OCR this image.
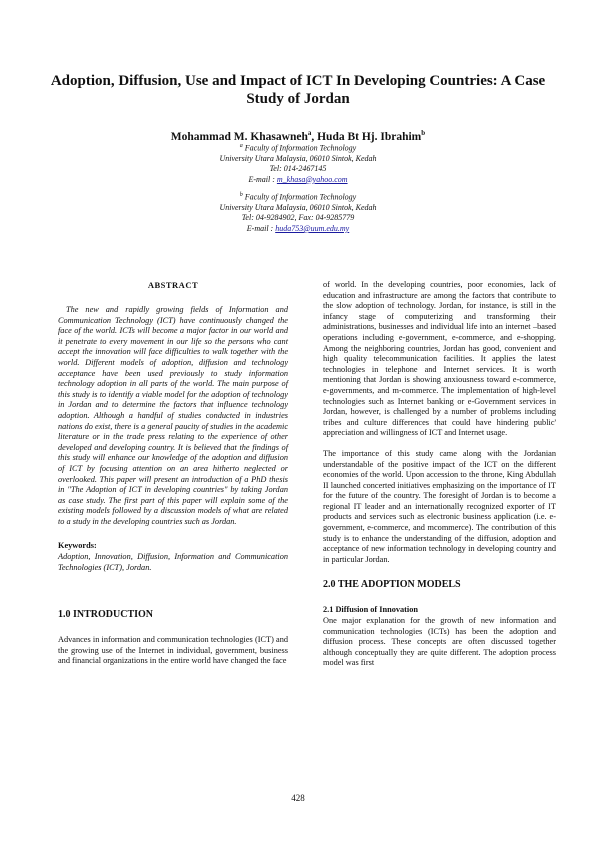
Adoption, Diffusion, Use and Impact of ICT In Developing Countries: A Case Study of Jordan
Mohammad M. Khasawneh$^a$, Huda Bt Hj. Ibrahim$^b$
$^a$ Faculty of Information Technology
University Utara Malaysia, 06010 Sintok, Kedah
Tel: 014-2467145
E-mail : m_khasa@yahoo.com
$^b$ Faculty of Information Technology
University Utara Malaysia, 06010 Sintok, Kedah
Tel: 04-9284902, Fax: 04-9285779
E-mail : huda753@uum.edu.my
ABSTRACT

The new and rapidly growing fields of Information and Communication Technology (ICT) have continuously changed the face of the world. ICTs will become a major factor in our world and it penetrate to every movement in our life so the persons who cant accept the innovation will face difficulties to walk together with the world. Different models of adoption, diffusion and technology acceptance have been used previously to study information technology adoption in all parts of the world. The main purpose of this study is to identify a viable model for the adoption of technology in Jordan and to determine the factors that influence technology adoption. Although a handful of studies conducted in industries nations do exist, there is a general paucity of studies in the academic literature or in the trade press relating to the experience of other developed and developing country. It is believed that the findings of this study will enhance our knowledge of the adoption and diffusion of ICT by focusing attention on an area hitherto neglected or overlooked. This paper will present an introduction of a PhD thesis in "The Adoption of ICT in developing countries" by taking Jordan as case study. The first part of this paper will explain some of the existing models followed by a discussion models of what are related to a study in the developing countries such as Jordan.

Keywords:

Adoption, Innovation, Diffusion, Information and Communication Technologies (ICT), Jordan.

1.0 INTRODUCTION

Advances in information and communication technologies (ICT) and the growing use of the Internet in individual, government, business and financial organizations in the entire world have changed the face

of world. In the developing countries, poor economies, lack of education and infrastructure are among the factors that contribute to the slow adoption of technology. Jordan, for instance, is still in the infancy stage of computerizing and transforming their administrations, businesses and individual life into an internet –based operations including e-government, e-commerce, and e-shopping. Among the neighboring countries, Jordan has good, convenient and high quality telecommunication facilities. It applies the latest technologies in telephone and Internet services. It is worth mentioning that Jordan is showing anxiousness toward e-commerce, e-governments, and m-commerce. The implementation of high-level technologies such as Internet banking or e-Government services in Jordan, however, is challenged by a number of problems including tribes and culture differences that could have hindering public' appreciation and willingness of ICT and Internet usage.

The importance of this study came along with the Jordanian understandable of the positive impact of the ICT on the different economies of the world. Upon accession to the throne, King Abdullah II launched concerted initiatives emphasizing on the importance of IT for the future of the country. The foresight of Jordan is to become a regional IT leader and an internationally recognized exporter of IT products and services such as electronic business application (i.e. e-government, e-commerce, and mcommerce). The contribution of this study is to enhance the understanding of the diffusion, adoption and acceptance of new information technology in developing country and in particular Jordan.

2.0 THE ADOPTION MODELS
2.1 Diffusion of Innovation

One major explanation for the growth of new information and communication technologies (ICTs) has been the adoption and diffusion process. These concepts are often discussed together although conceptually they are quite different. The adoption process model was first

428
